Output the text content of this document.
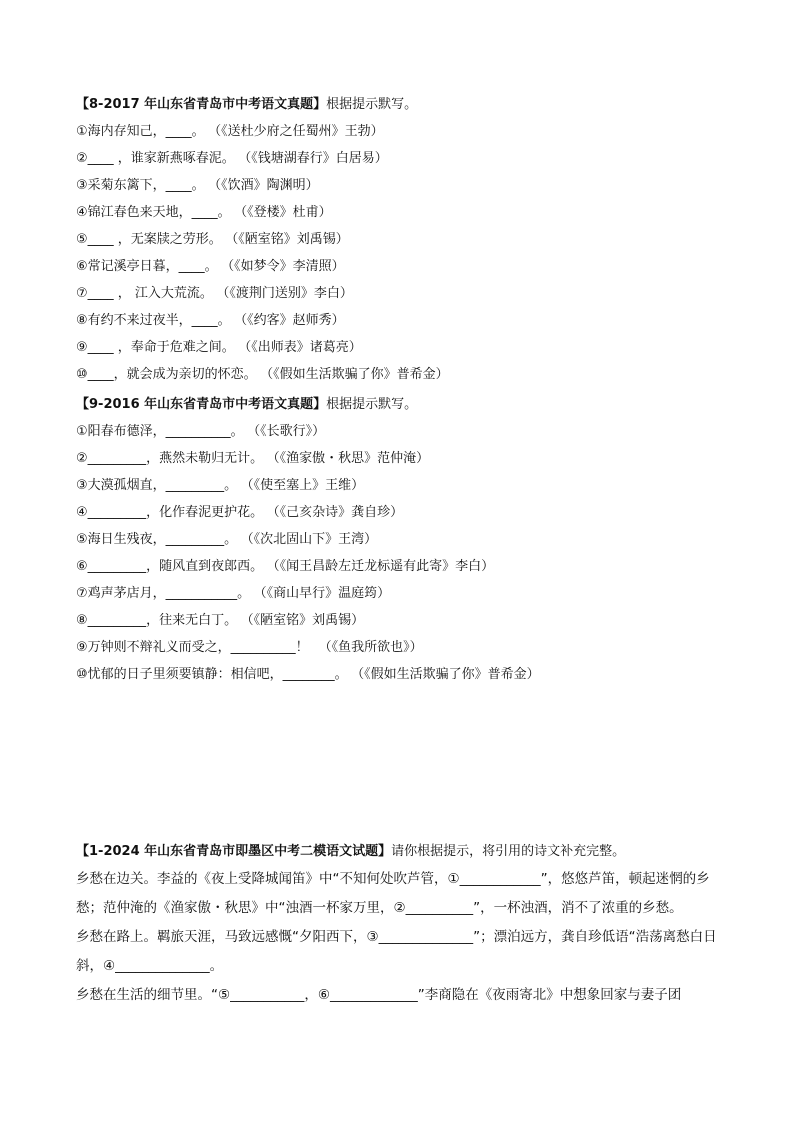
【8-2017 年山东省青岛市中考语文真题】根据提示默写。
①海内存知己，____。 （《送杜少府之任蜀州》王勃）
②____ ，谁家新燕啄春泥。 （《钱塘湖春行》白居易）
③采菊东篱下，____。 （《饮酒》陶渊明）
④锦江春色来天地，____。 （《登楼》杜甫）
⑤____ ，无案牍之劳形。 （《陋室铭》刘禹锡）
⑥常记溪亭日暮，____。 （《如梦令》李清照）
⑦____ ， 江入大荒流。 （《渡荆门送别》李白）
⑧有约不来过夜半，____。 （《约客》赵师秀）
⑨____ ，奉命于危难之间。 （《出师表》诸葛亮）
⑩____，就会成为亲切的怀恋。 （《假如生活欺骗了你》普希金）
【9-2016 年山东省青岛市中考语文真题】根据提示默写。
①阳春布德泽，__________。 （《长歌行》）
②_________，燕然未勒归无计。 （《渔家傲・秋思》范仲淹）
③大漠孤烟直，_________。 （《使至塞上》王维）
④_________，化作春泥更护花。 （《己亥杂诗》龚自珍）
⑤海日生残夜，_________。 （《次北固山下》王湾）
⑥_________，随风直到夜郎西。 （《闻王昌龄左迁龙标遥有此寄》李白）
⑦鸡声茅店月，___________。 （《商山早行》温庭筠）
⑧_________，往来无白丁。 （《陋室铭》刘禹锡）
⑨万钟则不辩礼义而受之，__________！ （《鱼我所欲也》）
⑩忧郁的日子里须要镇静：相信吧，________。 （《假如生活欺骗了你》普希金）
【1-2024 年山东省青岛市即墨区中考二模语文试题】请你根据提示，将引用的诗文补充完整。
乡愁在边关。李益的《夜上受降城闻笛》中“不知何处吹芦管，①____________”，悠悠芦笛，顿起迷惘的乡愁；范仲淹的《渔家傲・秋思》中“浊酒一杯家万里，②__________”，一杯浊酒，消不了浓重的乡愁。
乡愁在路上。羁旅天涯，马致远感慨“夕阳西下，③______________”；漂泊远方，龚自珍低语“浩荡离愁白日斜，④______________。
乡愁在生活的细节里。“⑤___________，⑥_____________”李商隐在《夜雨寄北》中想象回家与妻子团
